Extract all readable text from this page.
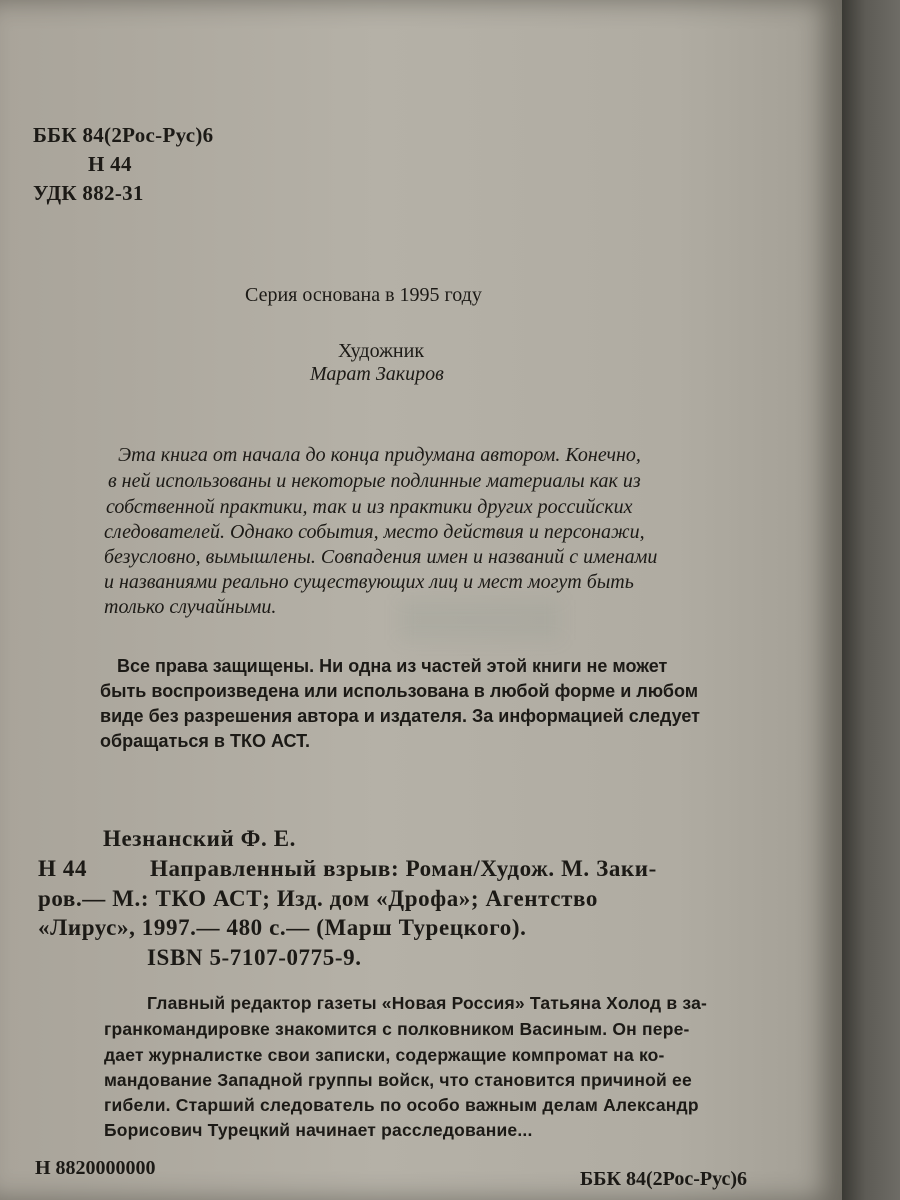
ББК 84(2Рос-Рус)6
Н 44
УДК 882-31
Серия основана в 1995 году
Художник
Марат Закиров
Эта книга от начала до конца придумана автором. Конечно,
в ней использованы и некоторые подлинные материалы как из
собственной практики, так и из практики других российских
следователей. Однако события, место действия и персонажи,
безусловно, вымышлены. Совпадения имен и названий с именами
и названиями реально существующих лиц и мест могут быть
только случайными.
Все права защищены. Ни одна из частей этой книги не может
быть воспроизведена или использована в любой форме и любом
виде без разрешения автора и издателя. За информацией следует
обращаться в ТКО АСТ.
Незнанский Ф. Е.
Н 44	Направленный взрыв: Роман/Худож. М. Заки-
ров.— М.: ТКО АСТ; Изд. дом «Дрофа»; Агентство
«Лирус», 1997.— 480 с.— (Марш Турецкого).
ISBN 5-7107-0775-9.
Главный редактор газеты «Новая Россия» Татьяна Холод в за-
гранкомандировке знакомится с полковником Васиным. Он пере-
дает журналистке свои записки, содержащие компромат на ко-
мандование Западной группы войск, что становится причиной ее
гибели. Старший следователь по особо важным делам Александр
Борисович Турецкий начинает расследование...
Н 8820000000	ББК 84(2Рос-Рус)6
